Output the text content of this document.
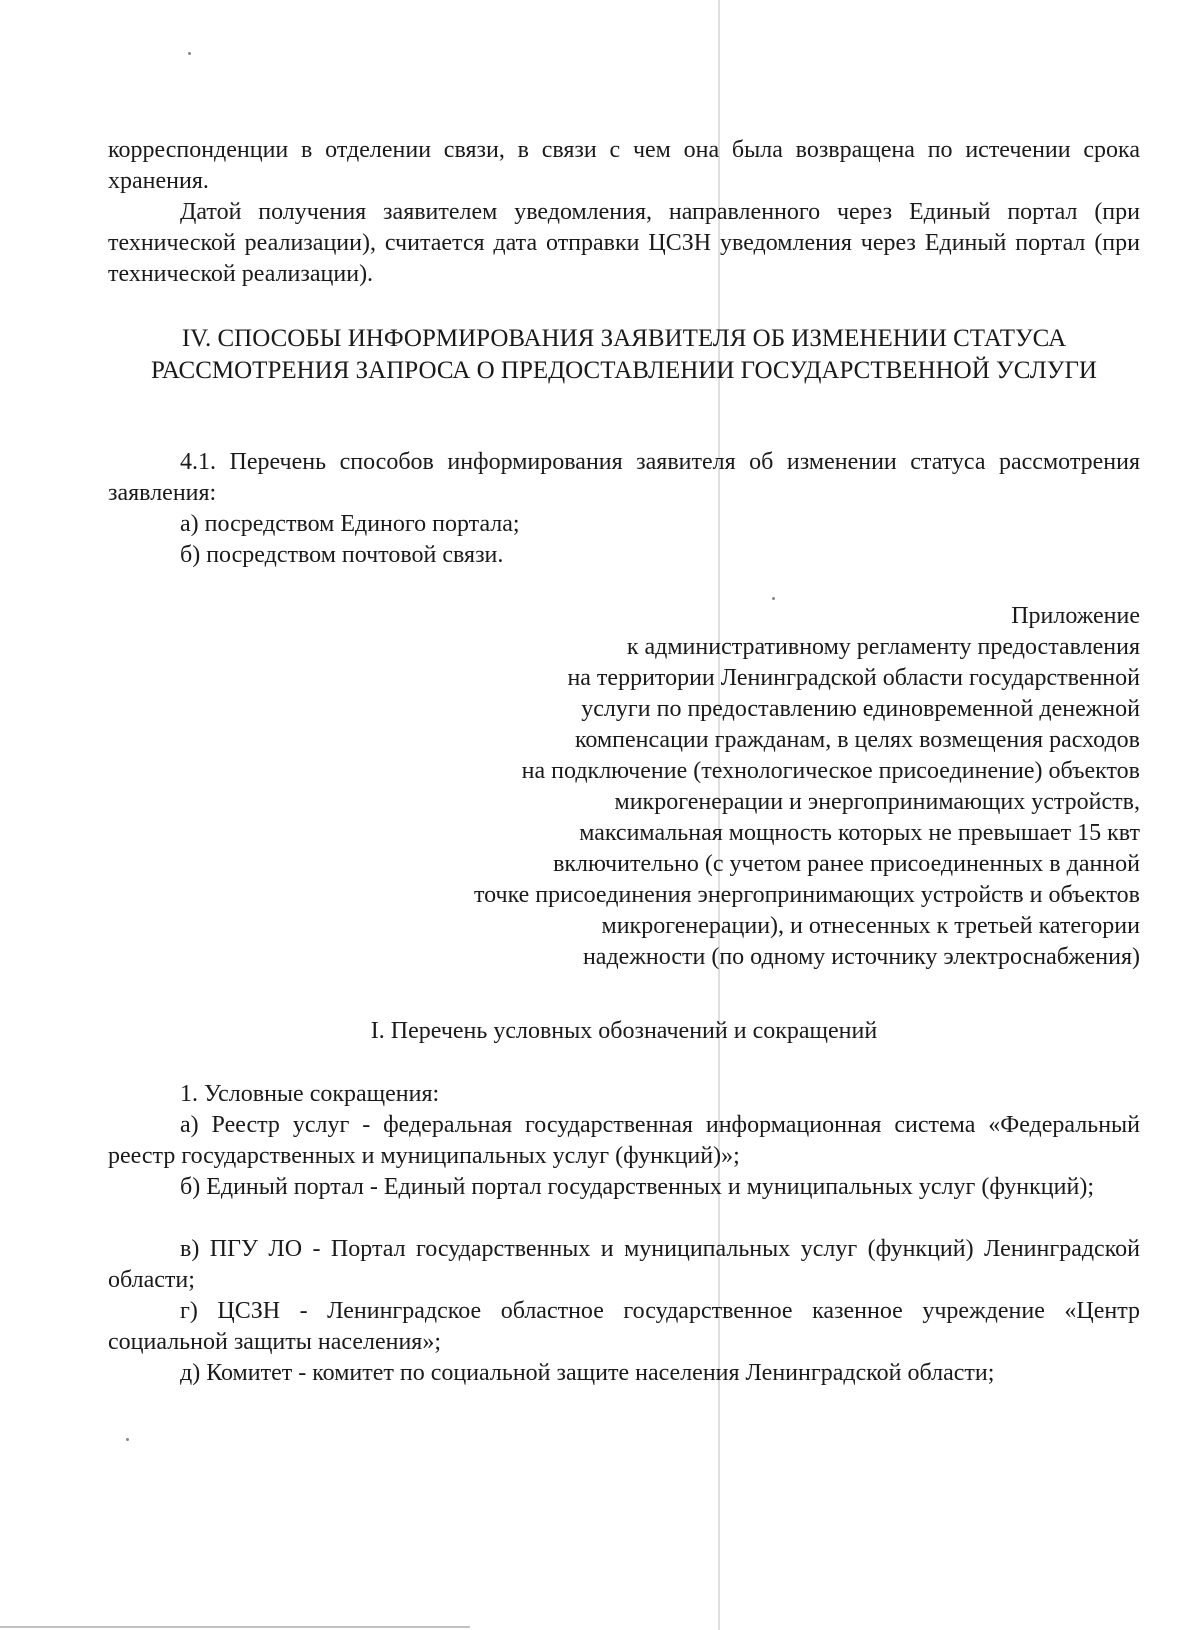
корреспонденции в отделении связи, в связи с чем она была возвращена по истечении срока хранения.

Датой получения заявителем уведомления, направленного через Единый портал (при технической реализации), считается дата отправки ЦСЗН уведомления через Единый портал (при технической реализации).

IV. СПОСОБЫ ИНФОРМИРОВАНИЯ ЗАЯВИТЕЛЯ ОБ ИЗМЕНЕНИИ СТАТУСА РАССМОТРЕНИЯ ЗАПРОСА О ПРЕДОСТАВЛЕНИИ ГОСУДАРСТВЕННОЙ УСЛУГИ

4.1. Перечень способов информирования заявителя об изменении статуса рассмотрения заявления:

а) посредством Единого портала;

б) посредством почтовой связи.

Приложение
к административному регламенту предоставления
на территории Ленинградской области государственной
услуги по предоставлению единовременной денежной
компенсации гражданам, в целях возмещения расходов
на подключение (технологическое присоединение) объектов
микрогенерации и энергопринимающих устройств,
максимальная мощность которых не превышает 15 квт
включительно (с учетом ранее присоединенных в данной
точке присоединения энергопринимающих устройств и объектов
микрогенерации), и отнесенных к третьей категории
надежности (по одному источнику электроснабжения)

I. Перечень условных обозначений и сокращений

1. Условные сокращения:

а) Реестр услуг - федеральная государственная информационная система «Федеральный реестр государственных и муниципальных услуг (функций)»;

б) Единый портал - Единый портал государственных и муниципальных услуг (функций);

в) ПГУ ЛО - Портал государственных и муниципальных услуг (функций) Ленинградской области;

г) ЦСЗН - Ленинградское областное государственное казенное учреждение «Центр социальной защиты населения»;

д) Комитет - комитет по социальной защите населения Ленинградской области;
